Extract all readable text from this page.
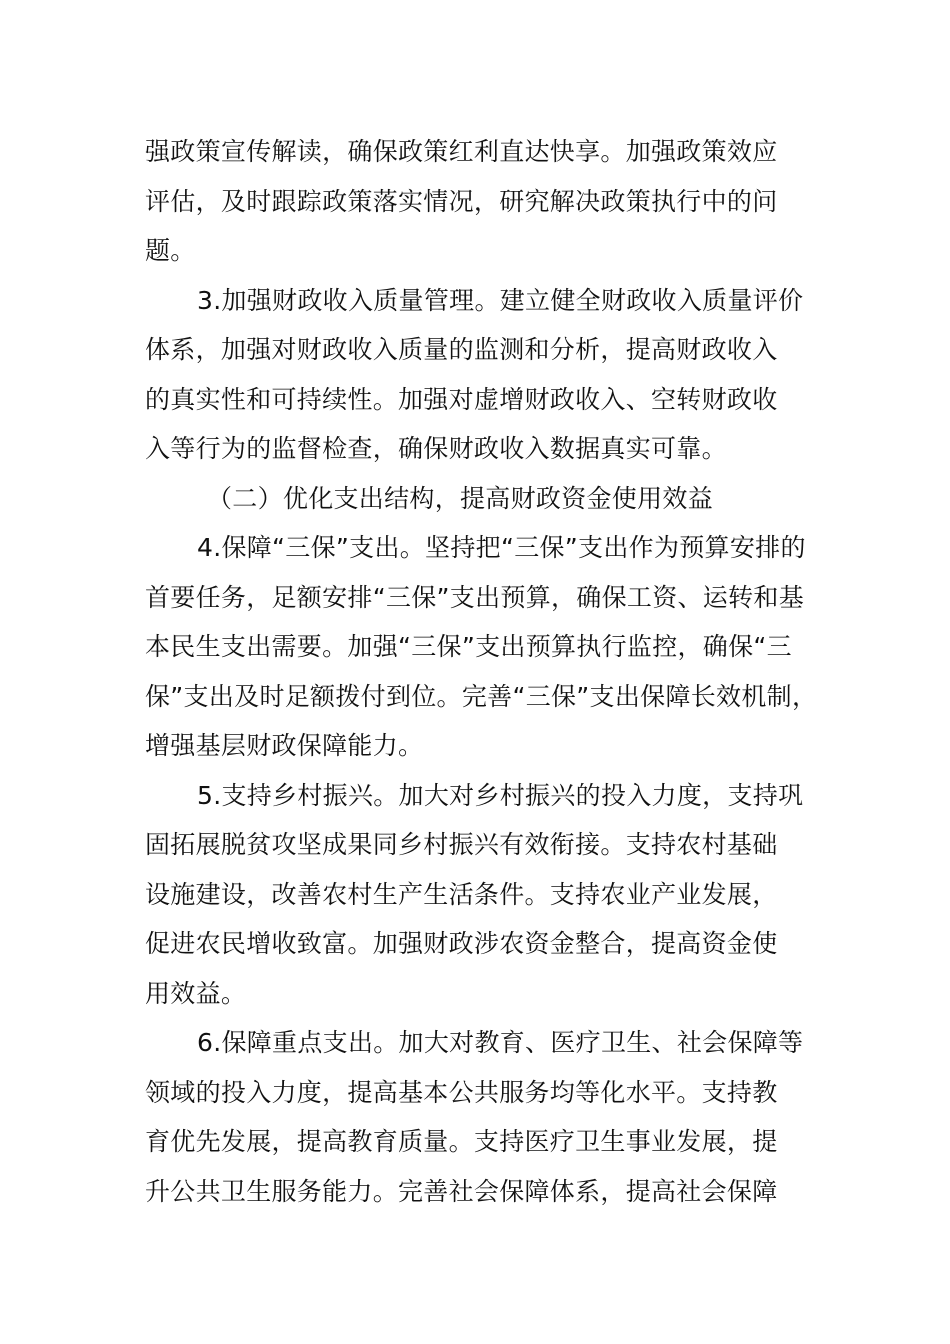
强政策宣传解读，确保政策红利直达快享。加强政策效应
评估，及时跟踪政策落实情况，研究解决政策执行中的问
题。
3.加强财政收入质量管理。建立健全财政收入质量评价
体系，加强对财政收入质量的监测和分析，提高财政收入
的真实性和可持续性。加强对虚增财政收入、空转财政收
入等行为的监督检查，确保财政收入数据真实可靠。
（二）优化支出结构，提高财政资金使用效益
4.保障“三保”支出。坚持把“三保”支出作为预算安排的
首要任务，足额安排“三保”支出预算，确保工资、运转和基
本民生支出需要。加强“三保”支出预算执行监控，确保“三
保”支出及时足额拨付到位。完善“三保”支出保障长效机制，
增强基层财政保障能力。
5.支持乡村振兴。加大对乡村振兴的投入力度，支持巩
固拓展脱贫攻坚成果同乡村振兴有效衔接。支持农村基础
设施建设，改善农村生产生活条件。支持农业产业发展，
促进农民增收致富。加强财政涉农资金整合，提高资金使
用效益。
6.保障重点支出。加大对教育、医疗卫生、社会保障等
领域的投入力度，提高基本公共服务均等化水平。支持教
育优先发展，提高教育质量。支持医疗卫生事业发展，提
升公共卫生服务能力。完善社会保障体系，提高社会保障
